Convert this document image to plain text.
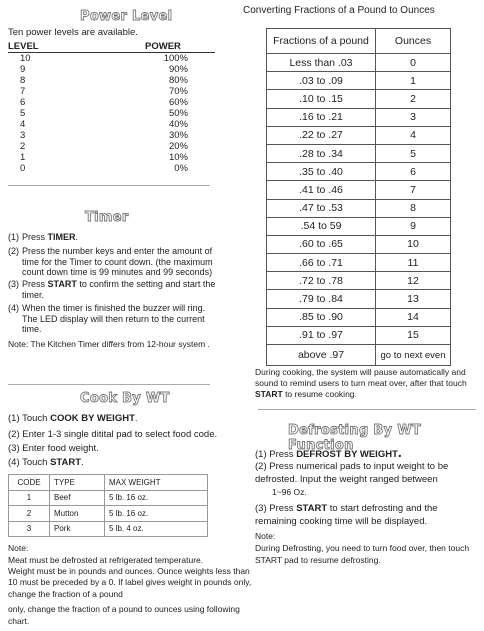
Power Level
Ten power levels are available.
LEVEL	POWER
10	100%
9	90%
8	80%
7	70%
6	60%
5	50%
4	40%
3	30%
2	20%
1	10%
0	0%
Timer
(1) Press TIMER.
(2) Press the number keys and enter the amount of time for the Timer to count down. (the maximum count down time is 99 minutes and 99 seconds)
(3) Press START to confirm the setting and start the timer.
(4) When the timer is finished the buzzer will ring. The LED display will then return to the current time.
Note: The Kitchen Timer differs from 12-hour system .
Cook By WT
(1) Touch COOK BY WEIGHT.
(2) Enter 1-3 single ditital pad to select food code.
(3) Enter food weight.
(4) Touch START.
CODE	TYPE	MAX WEIGHT
1	Beef	5 lb. 16 oz.
2	Mutton	5 lb. 16 oz.
3	Pork	5 lb. 4 oz.
Note:
Meat must be defrosted at refrigerated temperature.
Weight must be in pounds and ounces. Ounce weights less than 10 must be preceded by a 0. If label gives weight in pounds only, change the fraction of a pound
only, change the fraction of a pound to ounces using following chart.
Converting Fractions of a Pound to Ounces
Fractions of a pound	Ounces
Less than .03	0
.03 to .09	1
.10 to .15	2
.16 to .21	3
.22 to .27	4
.28 to .34	5
.35 to .40	6
.41 to .46	7
.47 to .53	8
.54 to 59	9
.60 to .65	10
.66 to .71	11
.72 to .78	12
.79 to .84	13
.85 to .90	14
.91 to .97	15
above .97	go to next even
During cooking, the system will pause automatically and sound to remind users to turn meat over, after that touch START to resume cooking.
Defrosting By WT Function
(1) Press DEFROST BY WEIGHT.
(2) Press numerical pads to input weight to be defrosted. Input the weight ranged between
1~96 Oz.
(3) Press START to start defrosting and the remaining cooking time will be displayed.
Note:
During Defrosting, you need to turn food over, then touch START pad to resume defrosting.
